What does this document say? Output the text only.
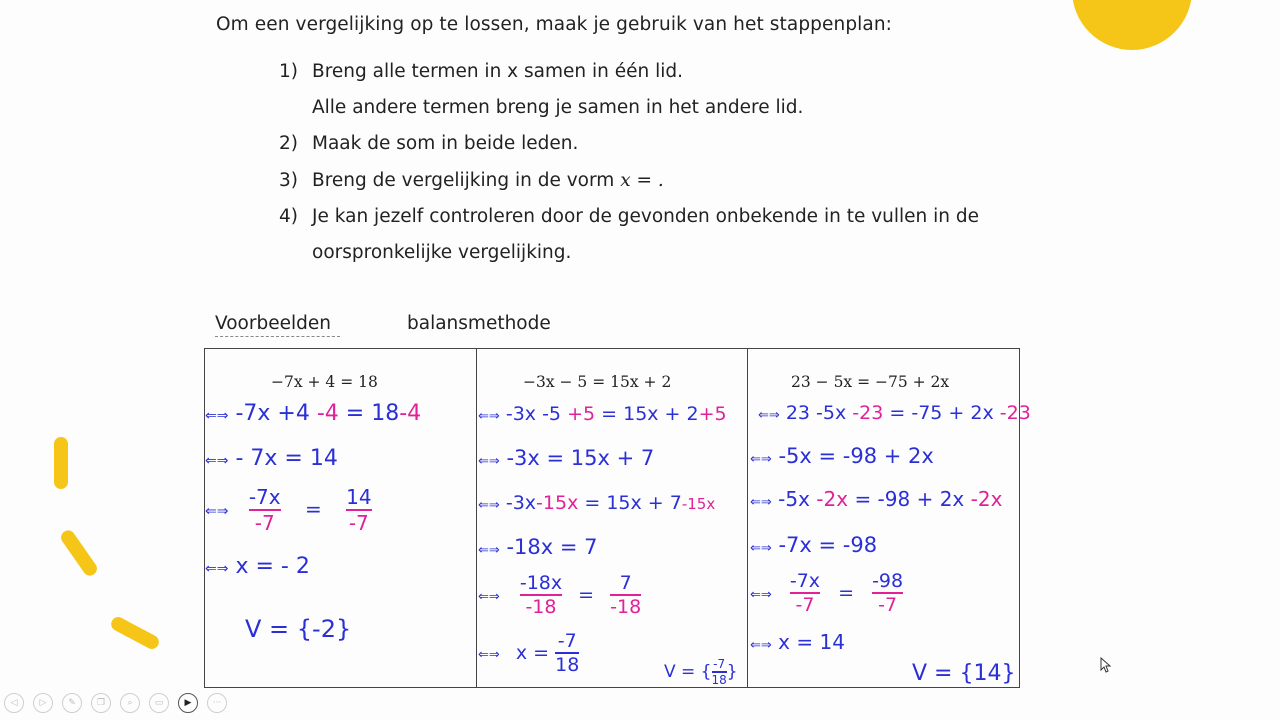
Om een vergelijking op te lossen, maak je gebruik van het stappenplan:
1) Breng alle termen in x samen in één lid.
Alle andere termen breng je samen in het andere lid.
2) Maak de som in beide leden.
3) Breng de vergelijking in de vorm x = .
4) Je kan jezelf controleren door de gevonden onbekende in te vullen in de
oorspronkelijke vergelijking.
Voorbeelden	balansmethode
−7x + 4 = 18
⇐⇒ -7x +4 -4 = 18-4
⇐⇒ - 7x = 14
⇐⇒ $\frac{-7x}{-7} = \frac{14}{-7}$
⇐⇒ x = - 2
V = {-2}
−3x − 5 = 15x + 2
⇐⇒ -3x -5 +5 = 15x + 2+5
⇐⇒ -3x = 15x + 7
⇐⇒ -3x-15x = 15x + 7-15x
⇐⇒ -18x = 7
⇐⇒ $\frac{-18x}{-18} = \frac{7}{-18}$
⇐⇒ $x = \frac{-7}{18}$	V = { $\frac{-7}{18}$ }
23 − 5x = −75 + 2x
⇐⇒ 23 -5x -23 = -75 + 2x -23
⇐⇒ -5x = -98 + 2x
⇐⇒ -5x -2x = -98 + 2x -2x
⇐⇒ -7x = -98
⇐⇒ $\frac{-7x}{-7} = \frac{-98}{-7}$
⇐⇒ x = 14
V = {14}
◁	▷	✎	❐	⌕	▭	▶	···
